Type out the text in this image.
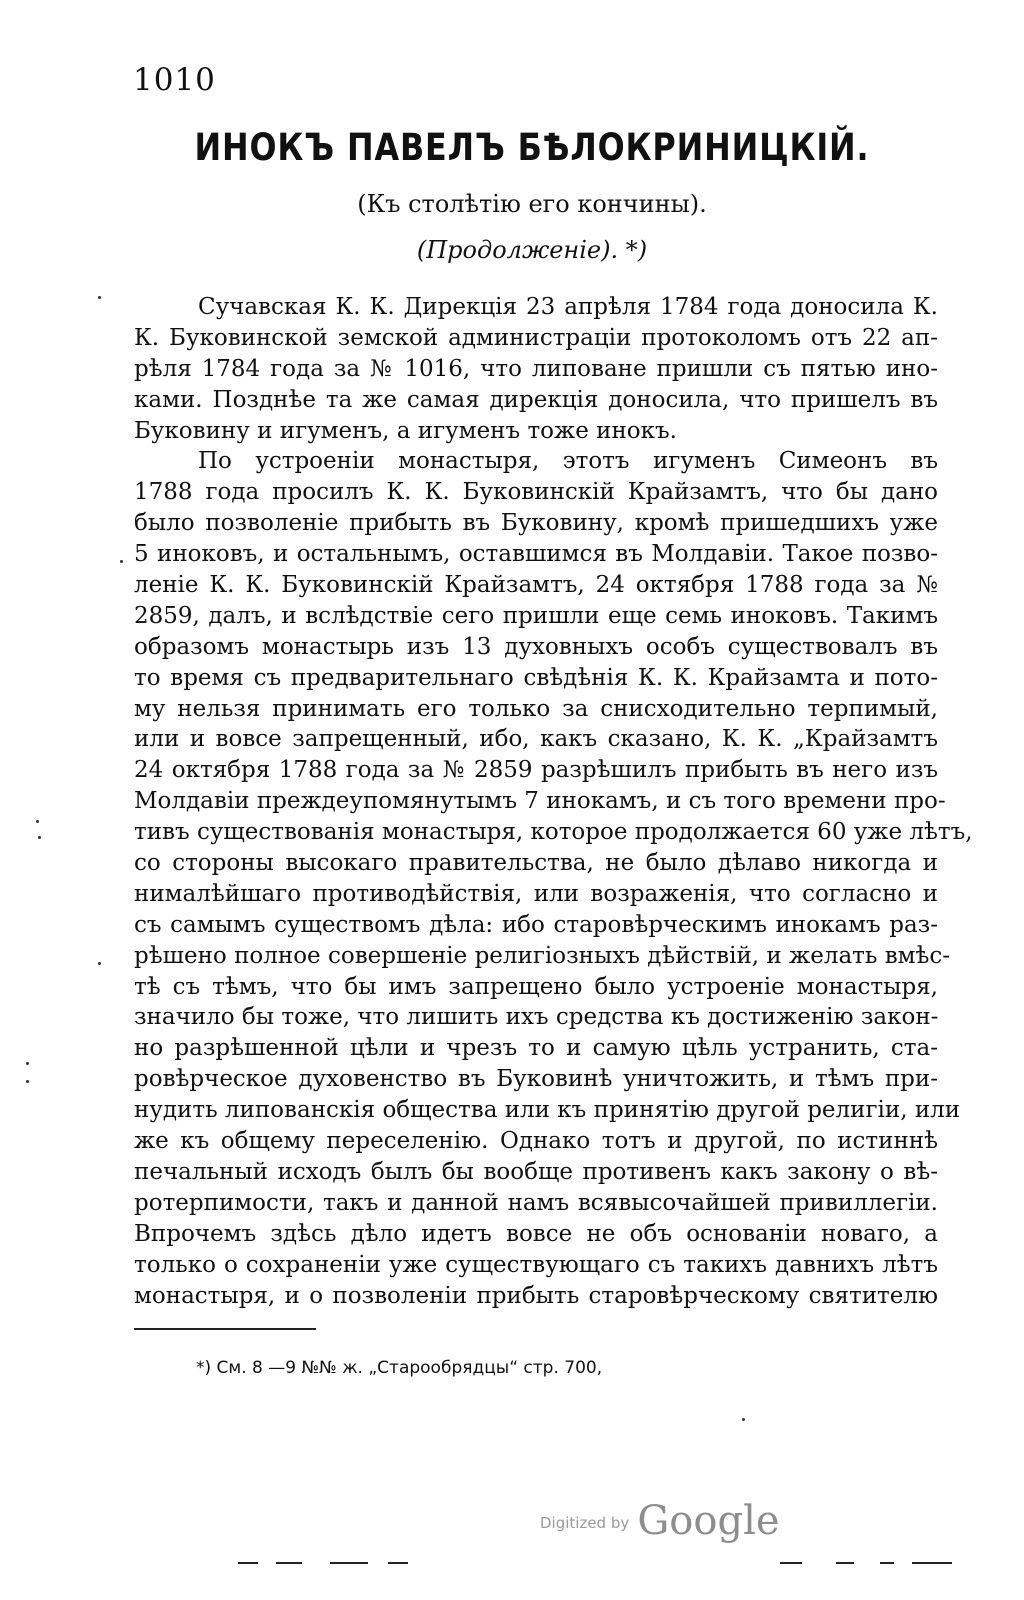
1010
ИНОКЪ ПАВЕЛЪ БѢЛОКРИНИЦКІЙ.
(Къ столѣтію его кончины).
(Продолженіе). *)
Сучавская К. К. Дирекція 23 апрѣля 1784 года доносила К.
К. Буковинской земской администраціи протоколомъ отъ 22 ап-
рѣля 1784 года за № 1016, что липоване пришли съ пятью ино-
ками. Позднѣе та же самая дирекція доносила, что пришелъ въ
Буковину и игуменъ, а игуменъ тоже инокъ.
По устроеніи монастыря, этотъ игуменъ Симеонъ въ
1788 года просилъ К. К. Буковинскій Крайзамтъ, что бы дано
было позволеніе прибыть въ Буковину, кромѣ пришедшихъ уже
5 иноковъ, и остальнымъ, оставшимся въ Молдавіи. Такое позво-
леніе К. К. Буковинскій Крайзамтъ, 24 октября 1788 года за №
2859, далъ, и вслѣдствіе сего пришли еще семь иноковъ. Такимъ
образомъ монастырь изъ 13 духовныхъ особъ существовалъ въ
то время съ предварительнаго свѣдѣнія К. К. Крайзамта и пото-
му нельзя принимать его только за снисходительно терпимый,
или и вовсе запрещенный, ибо, какъ сказано, К. К. „Крайзамтъ
24 октября 1788 года за № 2859 разрѣшилъ прибыть въ него изъ
Молдавіи преждеупомянутымъ 7 инокамъ, и съ того времени про-
тивъ существованія монастыря, которое продолжается 60 уже лѣтъ,
со стороны высокаго правительства, не было дѣлаво никогда и
нималѣйшаго противодѣйствія, или возраженія, что согласно и
съ самымъ существомъ дѣла: ибо старовѣрческимъ инокамъ раз-
рѣшено полное совершеніе религіозныхъ дѣйствій, и желать вмѣс-
тѣ съ тѣмъ, что бы имъ запрещено было устроеніе монастыря,
значило бы тоже, что лишить ихъ средства къ достиженію закон-
но разрѣшенной цѣли и чрезъ то и самую цѣль устранить, ста-
ровѣрческое духовенство въ Буковинѣ уничтожить, и тѣмъ при-
нудить липованскія общества или къ принятію другой религіи, или
же къ общему переселенію. Однако тотъ и другой, по истиннѣ
печальный исходъ былъ бы вообще противенъ какъ закону о вѣ-
ротерпимости, такъ и данной намъ всявысочайшей привиллегіи.
Впрочемъ здѣсь дѣло идетъ вовсе не объ основаніи новаго, а
только о сохраненіи уже существующаго съ такихъ давнихъ лѣтъ
монастыря, и о позволеніи прибыть старовѣрческому святителю
*) См. 8 —9 №№ ж. „Старообрядцы“ стр. 700,
Digitized by Google
